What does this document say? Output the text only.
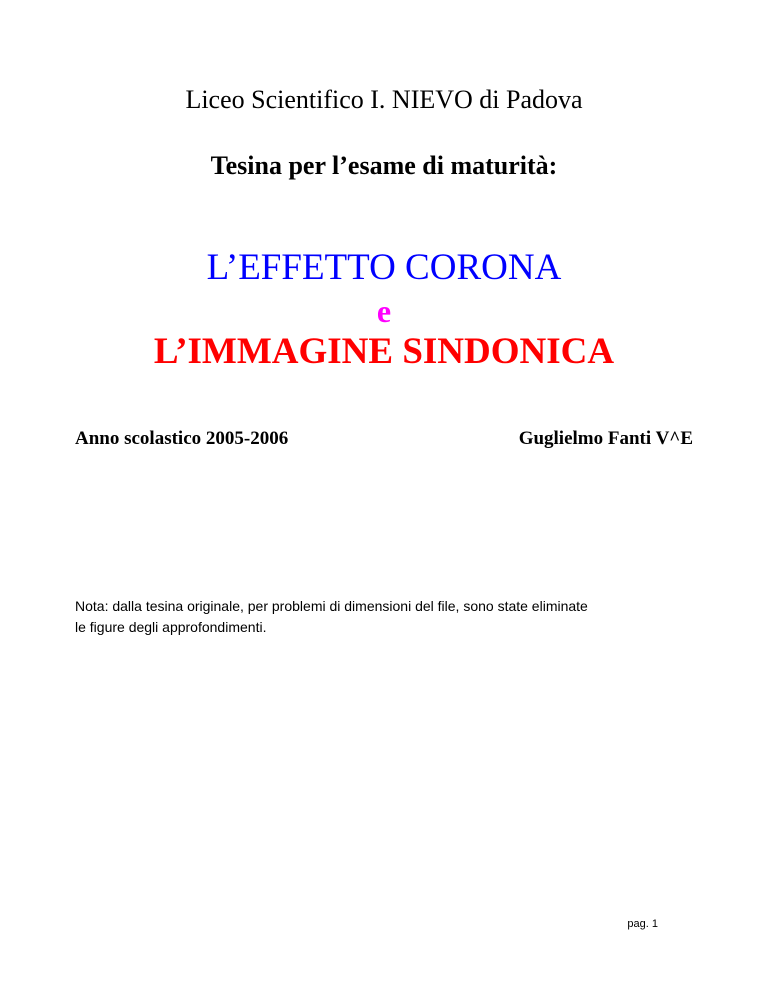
Liceo Scientifico I. NIEVO di Padova
Tesina per l’esame di maturità:
L’EFFETTO CORONA
e
L’IMMAGINE SINDONICA
Anno scolastico 2005-2006	Guglielmo Fanti V^E

Nota: dalla tesina originale, per problemi di dimensioni del file, sono state eliminate

le figure degli approfondimenti.

pag. 1
